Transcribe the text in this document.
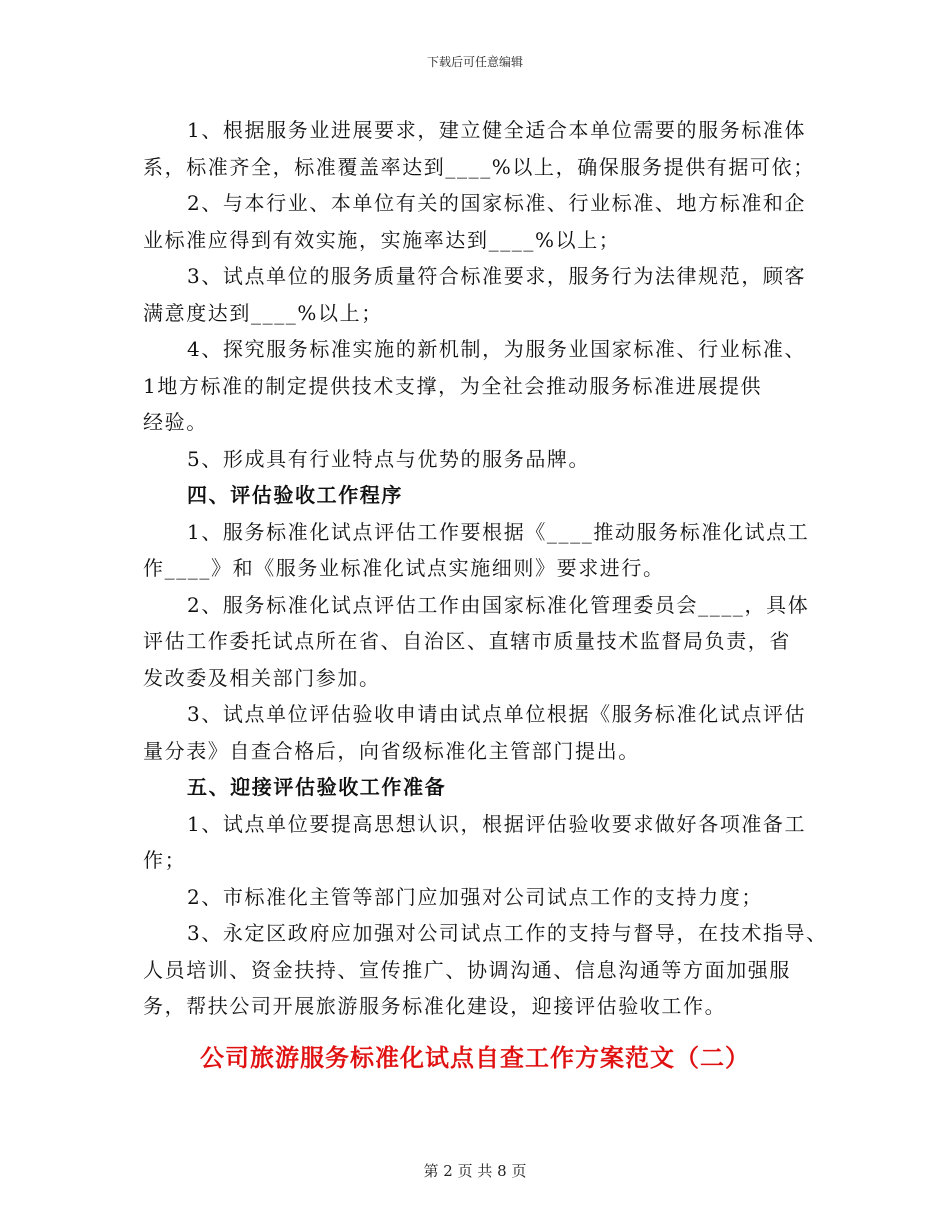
下载后可任意编辑
1、根据服务业进展要求，建立健全适合本单位需要的服务标准体
系，标准齐全，标准覆盖率达到____%以上，确保服务提供有据可依；
2、与本行业、本单位有关的国家标准、行业标准、地方标准和企
业标准应得到有效实施，实施率达到____%以上；
3、试点单位的服务质量符合标准要求，服务行为法律规范，顾客
满意度达到____%以上；
4、探究服务标准实施的新机制，为服务业国家标准、行业标准、
1地方标准的制定提供技术支撑，为全社会推动服务标准进展提供
经验。
5、形成具有行业特点与优势的服务品牌。
四、评估验收工作程序
1、服务标准化试点评估工作要根据《____推动服务标准化试点工
作____》和《服务业标准化试点实施细则》要求进行。
2、服务标准化试点评估工作由国家标准化管理委员会____，具体
评估工作委托试点所在省、自治区、直辖市质量技术监督局负责，省
发改委及相关部门参加。
3、试点单位评估验收申请由试点单位根据《服务标准化试点评估
量分表》自查合格后，向省级标准化主管部门提出。
五、迎接评估验收工作准备
1、试点单位要提高思想认识，根据评估验收要求做好各项准备工
作；
2、市标准化主管等部门应加强对公司试点工作的支持力度；
3、永定区政府应加强对公司试点工作的支持与督导，在技术指导、
人员培训、资金扶持、宣传推广、协调沟通、信息沟通等方面加强服
务，帮扶公司开展旅游服务标准化建设，迎接评估验收工作。
公司旅游服务标准化试点自查工作方案范文（二）
第 2 页 共 8 页
